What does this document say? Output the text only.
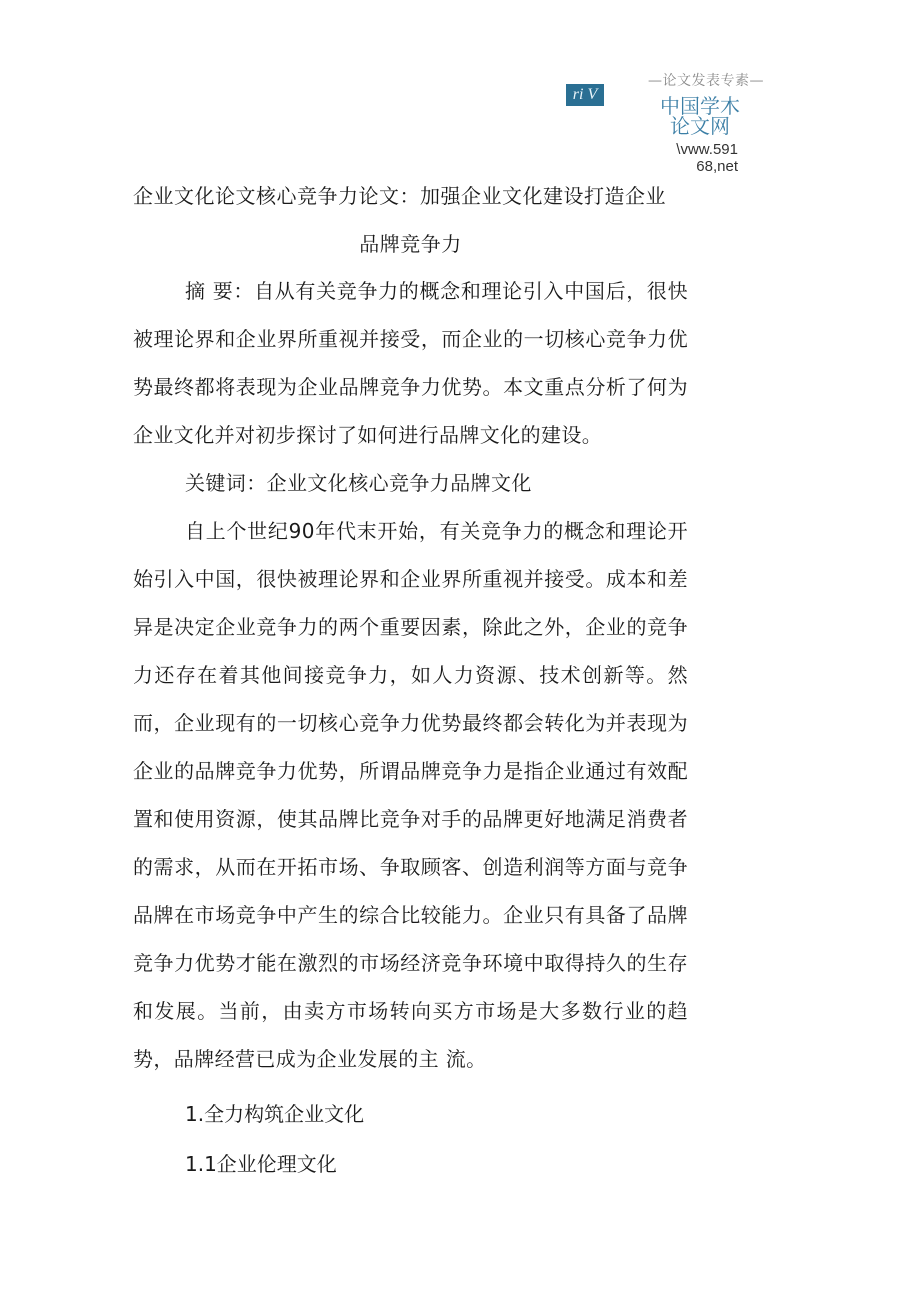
—论文发表专素—
ri V	中国学木
论文网
\vww.591
68,net
企业文化论文核心竞争力论文：加强企业文化建设打造企业
品牌竞争力

摘 要：自从有关竞争力的概念和理论引入中国后，很快被理论界和企业界所重视并接受，而企业的一切核心竞争力优势最终都将表现为企业品牌竞争力优势。本文重点分析了何为企业文化并对初步探讨了如何进行品牌文化的建设。

关键词：企业文化核心竞争力品牌文化

自上个世纪90年代末开始，有关竞争力的概念和理论开始引入中国，很快被理论界和企业界所重视并接受。成本和差异是决定企业竞争力的两个重要因素，除此之外，企业的竞争力还存在着其他间接竞争力，如人力资源、技术创新等。然而，企业现有的一切核心竞争力优势最终都会转化为并表现为企业的品牌竞争力优势，所谓品牌竞争力是指企业通过有效配置和使用资源，使其品牌比竞争对手的品牌更好地满足消费者的需求，从而在开拓市场、争取顾客、创造利润等方面与竞争品牌在市场竞争中产生的综合比较能力。企业只有具备了品牌竞争力优势才能在激烈的市场经济竞争环境中取得持久的生存和发展。当前，由卖方市场转向买方市场是大多数行业的趋势，品牌经营已成为企业发展的主 流。

1.全力构筑企业文化
1.1企业伦理文化
